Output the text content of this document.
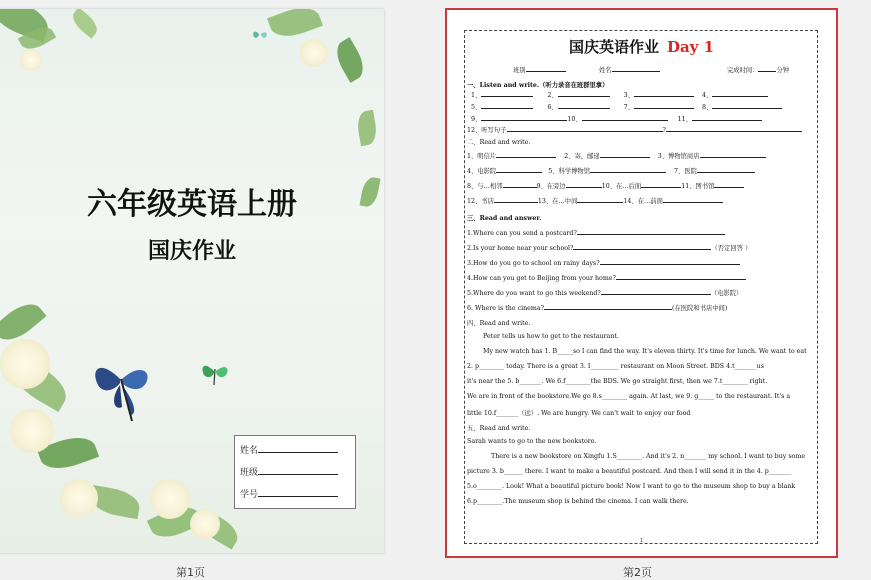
六年级英语上册
国庆作业
姓名
班级
学号
第1页
国庆英语作业 Day 1
班别	姓名	完成时间：	分钟
一、Listen and write.（听力录音在班群里拿）
1、	2、	3、	4、
5、	6、	7、	8、
9、	10、	11、
12、听写句子	?
二、Read and write.
1、明信片	2、寄，邮递	3、博物馆商店
4、电影院	5、科学博物馆	7、医院
8、与…相邻	9、在旁边	10、在…后面	11、图书馆
12、书店	13、在…中间	14、在…前面
三、Read and answer.
1.Where can you send a postcard?
2.Is your home near your school?	（否定回答 ）
3.How do you go to school on rainy days?
4.How can you get to Beijing from your home?
5.Where do you want to go this weekend?	（电影院）
6. Where is the cinema?	(在医院和书店中间)
四、Read and write.
Peter tells us how to get to the restaurant.
My new watch has 1. B_____so I can find the way. It's eleven thirty. It's time for lunch. We want to eat
2. p________ today. There is a great 3. I_________ restaurant on Moon Street. BDS 4.t_______us
it's near the 5. b_______. We 6.f________the BDS. We go straight first, then we 7.t________ right.
We are in front of the bookstore.We go 8.s________ again. At last, we 9. g_____ to the restaurant. It's a
little 10.f_______（远）. We are hungry. We can't wait to enjoy our food
五、Read and write.
Sarah wants to go to the new bookstore.
There is a new bookstore on Xingfu 1.S________. And it's 2. n_______ my school. I want to buy some
picture 3. b______ there. I want to make a beautiful postcard. And then I will send it in the 4. p_______
5.o________. Look! What a beautiful picture book! Now I want to go to the museum shop to buy a blank
6.p________.The museum shop is behind the cinema. I can walk there.
1
第2页
